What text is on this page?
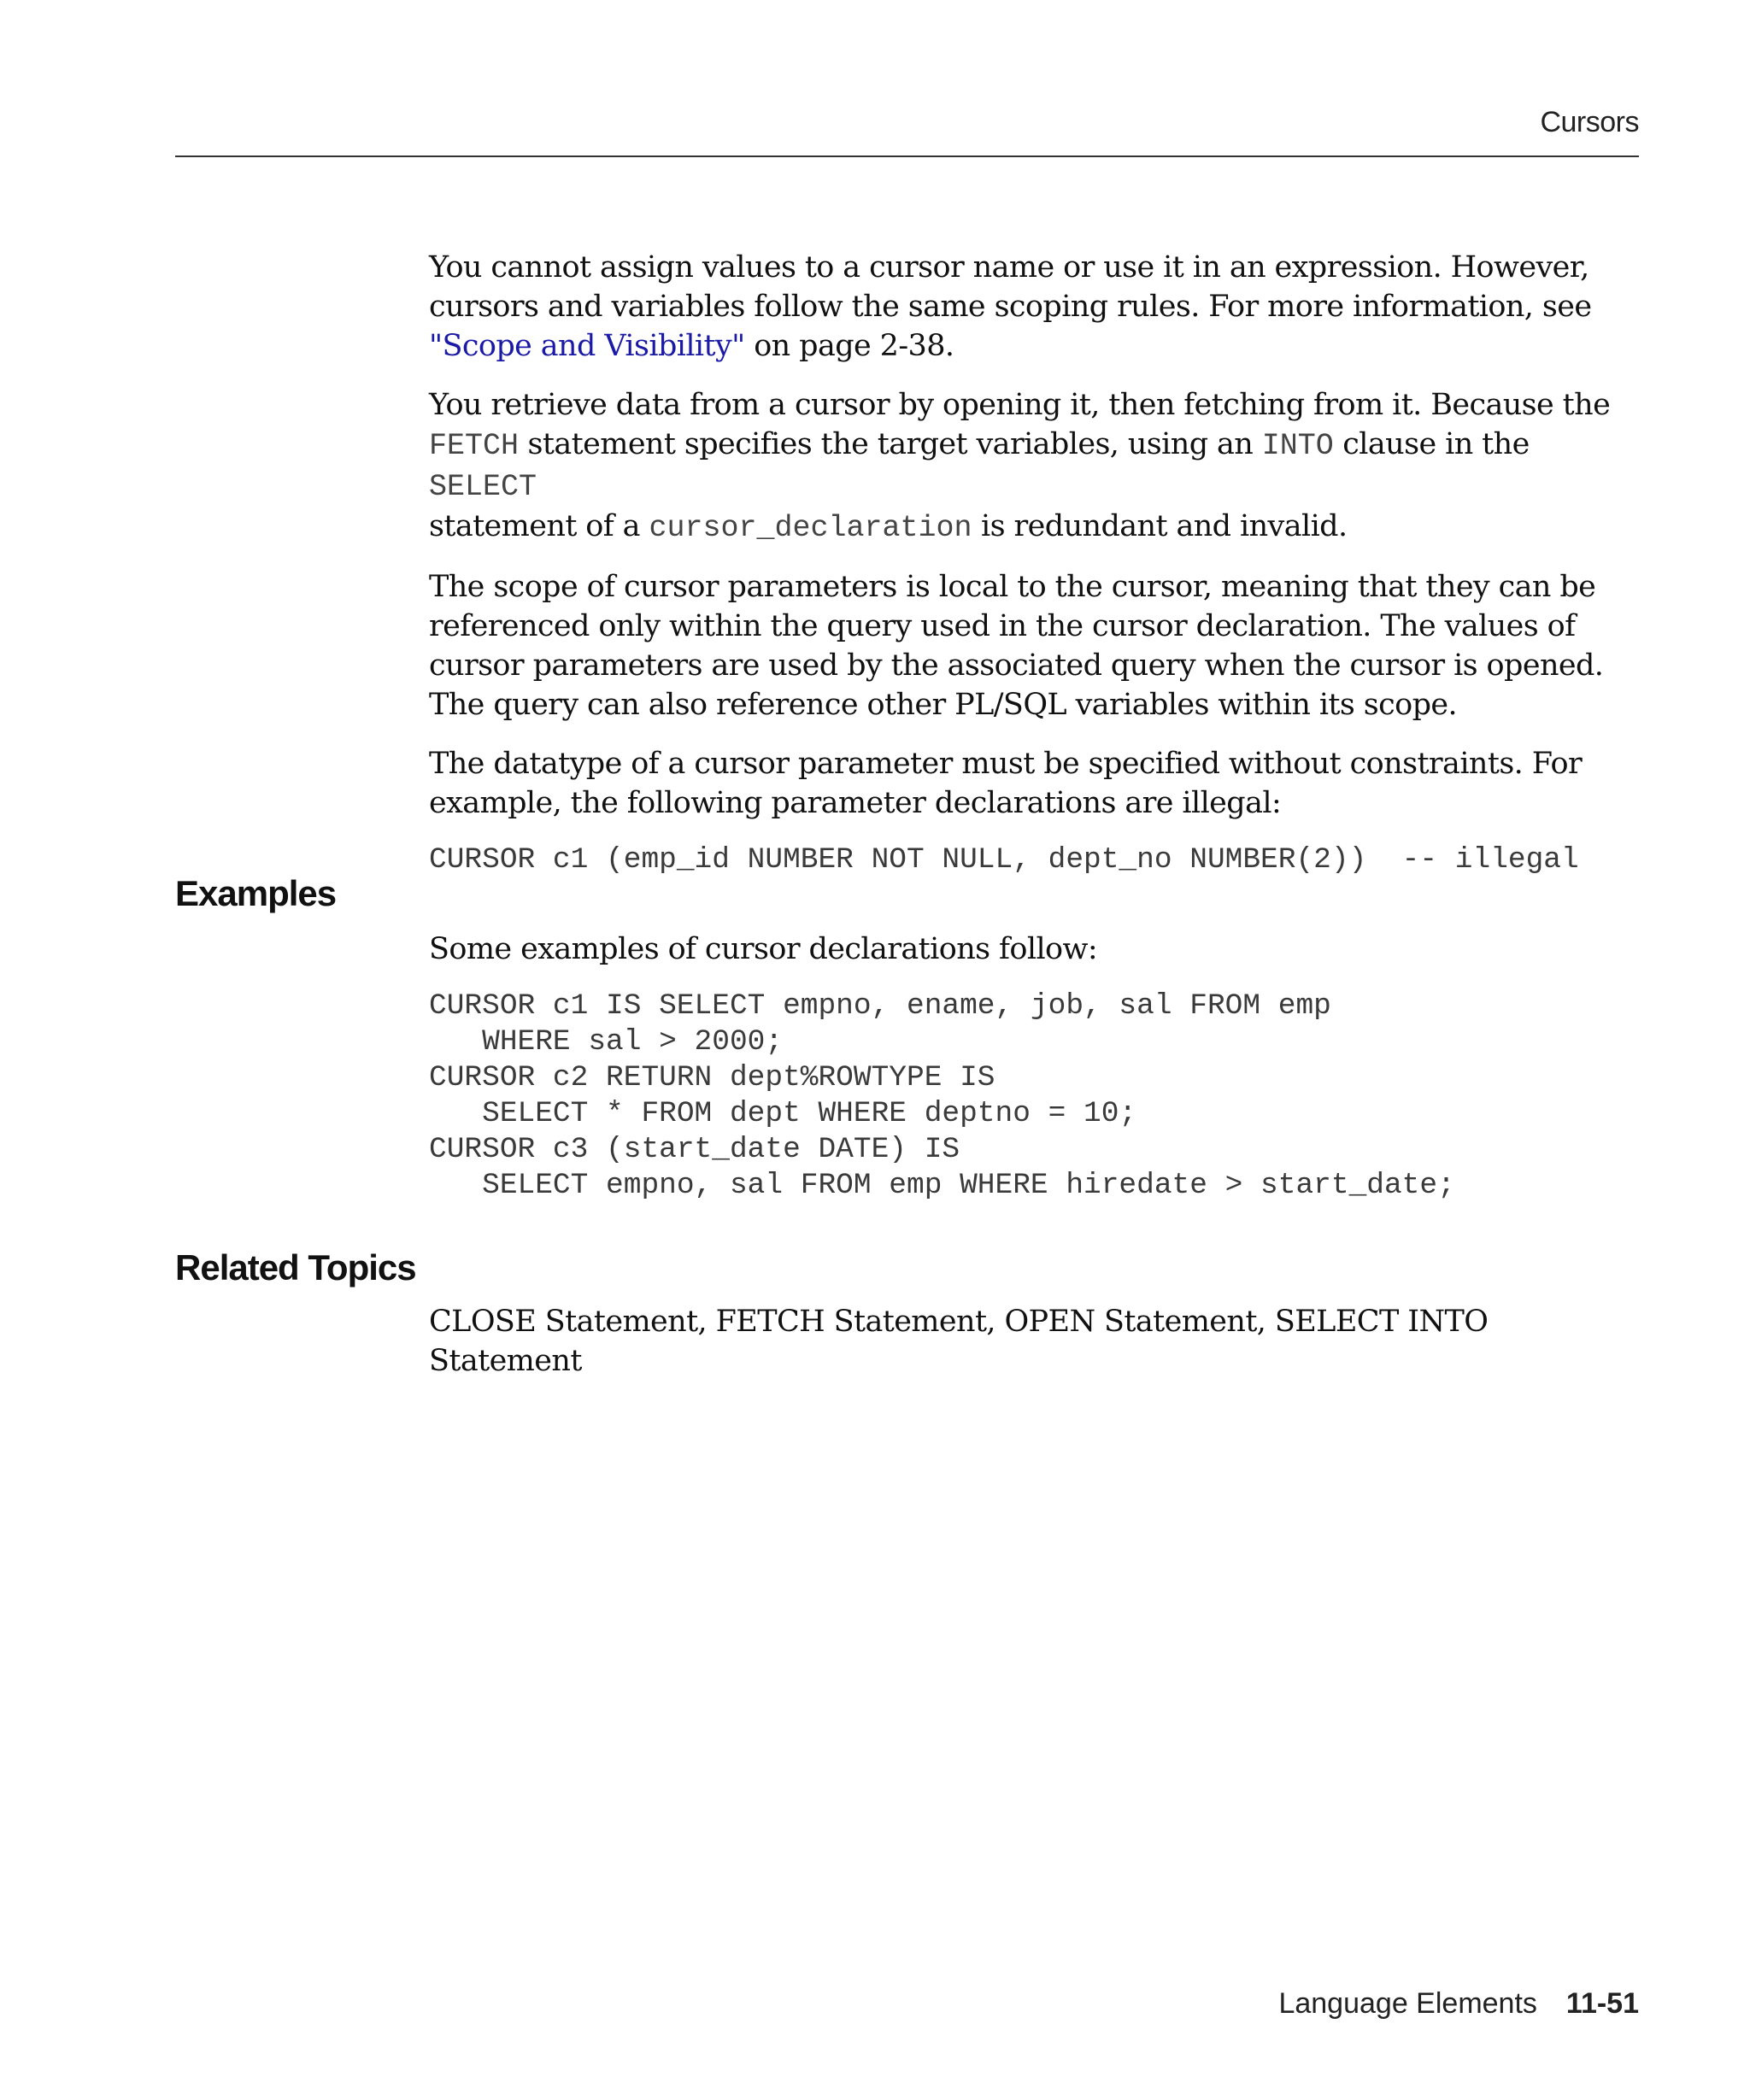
Cursors

You cannot assign values to a cursor name or use it in an expression. However, cursors and variables follow the same scoping rules. For more information, see "Scope and Visibility" on page 2-38.

You retrieve data from a cursor by opening it, then fetching from it. Because the FETCH statement specifies the target variables, using an INTO clause in the SELECT
statement of a cursor_declaration is redundant and invalid.

The scope of cursor parameters is local to the cursor, meaning that they can be referenced only within the query used in the cursor declaration. The values of cursor parameters are used by the associated query when the cursor is opened. The query can also reference other PL/SQL variables within its scope.

The datatype of a cursor parameter must be specified without constraints. For example, the following parameter declarations are illegal:

CURSOR c1 (emp_id NUMBER NOT NULL, dept_no NUMBER(2))  -- illegal
Examples

Some examples of cursor declarations follow:

CURSOR c1 IS SELECT empno, ename, job, sal FROM emp
WHERE sal > 2000;
CURSOR c2 RETURN dept%ROWTYPE IS
SELECT * FROM dept WHERE deptno = 10;
CURSOR c3 (start_date DATE) IS
SELECT empno, sal FROM emp WHERE hiredate > start_date;
Related Topics

CLOSE Statement, FETCH Statement, OPEN Statement, SELECT INTO Statement

Language Elements 11-51
